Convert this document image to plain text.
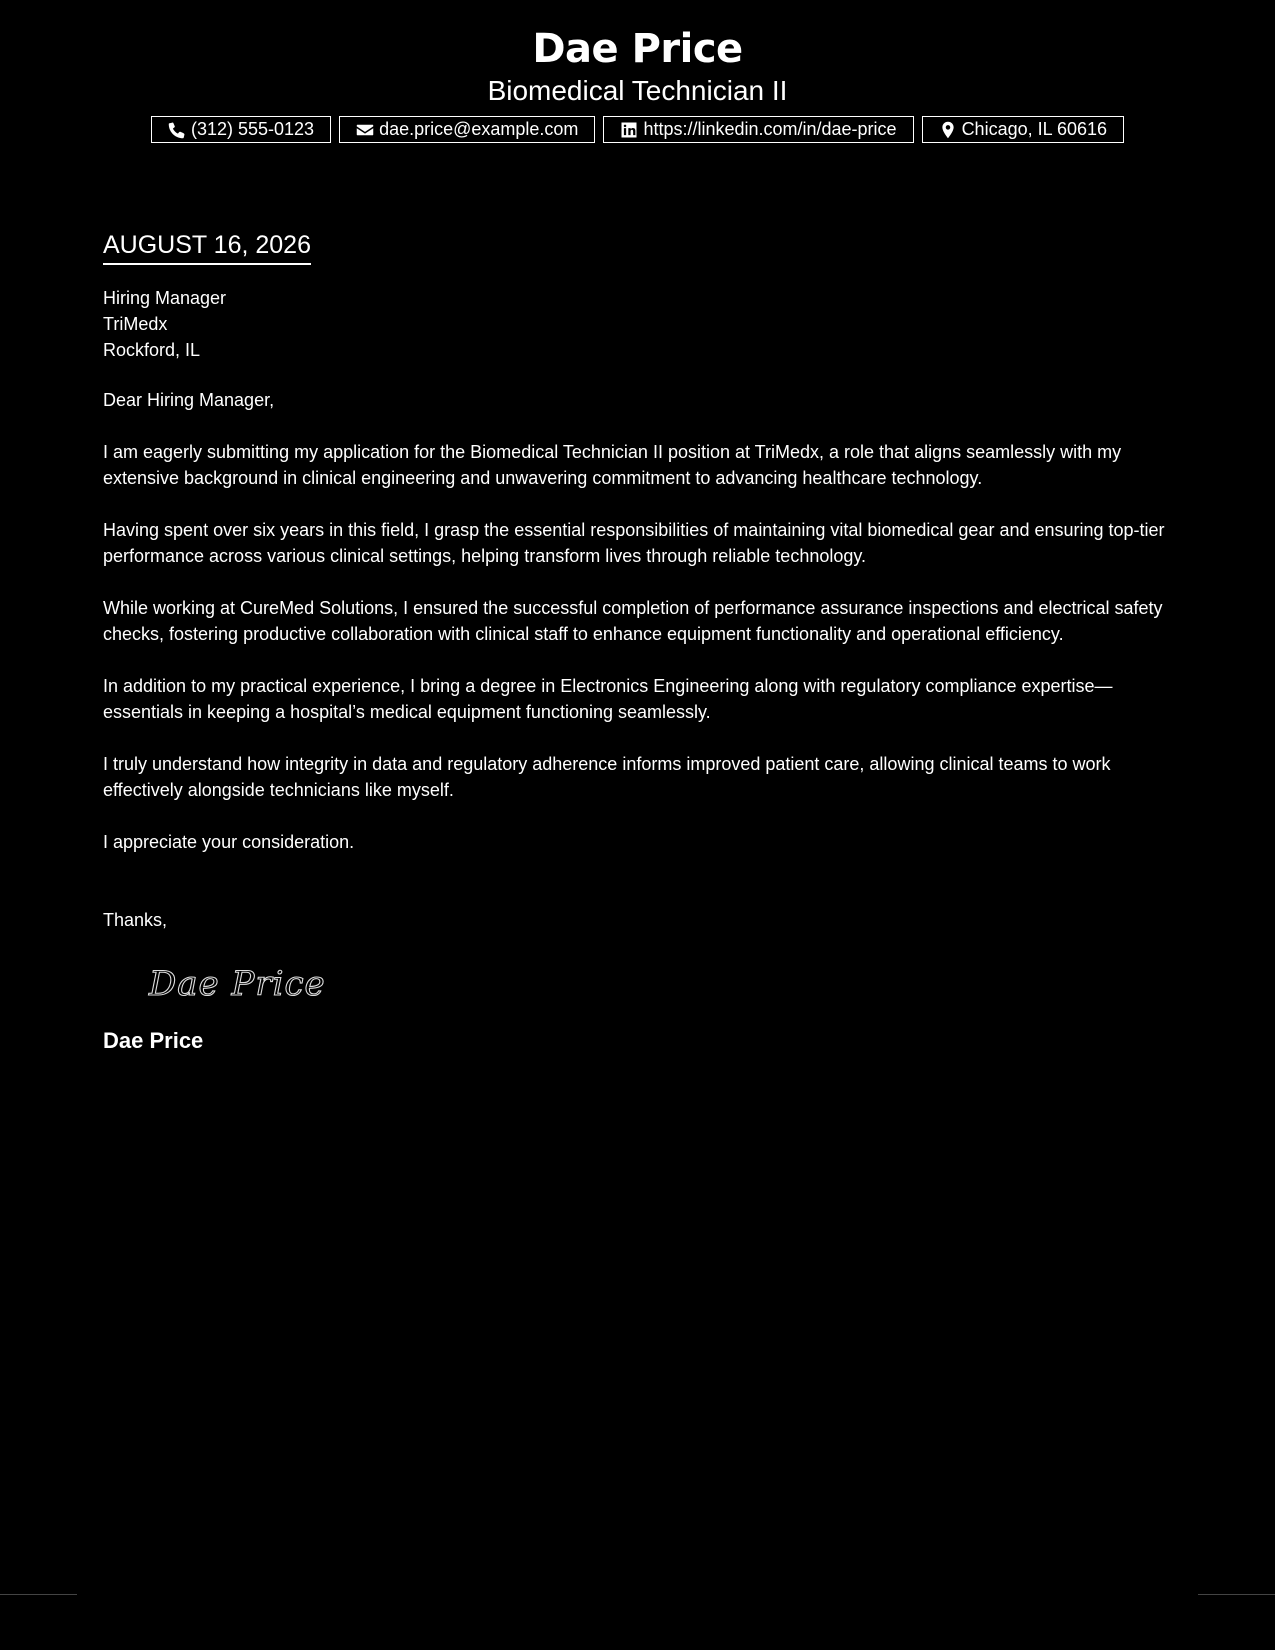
Dae Price

Biomedical Technician II

(312) 555-0123	dae.price@example.com	https://linkedin.com/in/dae-price	Chicago, IL 60616

AUGUST 16, 2026

Hiring Manager
TriMedx
Rockford, IL
Dear Hiring Manager,

I am eagerly submitting my application for the Biomedical Technician II position at TriMedx, a role that aligns seamlessly with my extensive background in clinical engineering and unwavering commitment to advancing healthcare technology.

Having spent over six years in this field, I grasp the essential responsibilities of maintaining vital biomedical gear and ensuring top-tier performance across various clinical settings, helping transform lives through reliable technology.

While working at CureMed Solutions, I ensured the successful completion of performance assurance inspections and electrical safety checks, fostering productive collaboration with clinical staff to enhance equipment functionality and operational efficiency.

In addition to my practical experience, I bring a degree in Electronics Engineering along with regulatory compliance expertise—essentials in keeping a hospital’s medical equipment functioning seamlessly.

I truly understand how integrity in data and regulatory adherence informs improved patient care, allowing clinical teams to work effectively alongside technicians like myself.

I appreciate your consideration.

Thanks,
Dae Price
Dae Price
